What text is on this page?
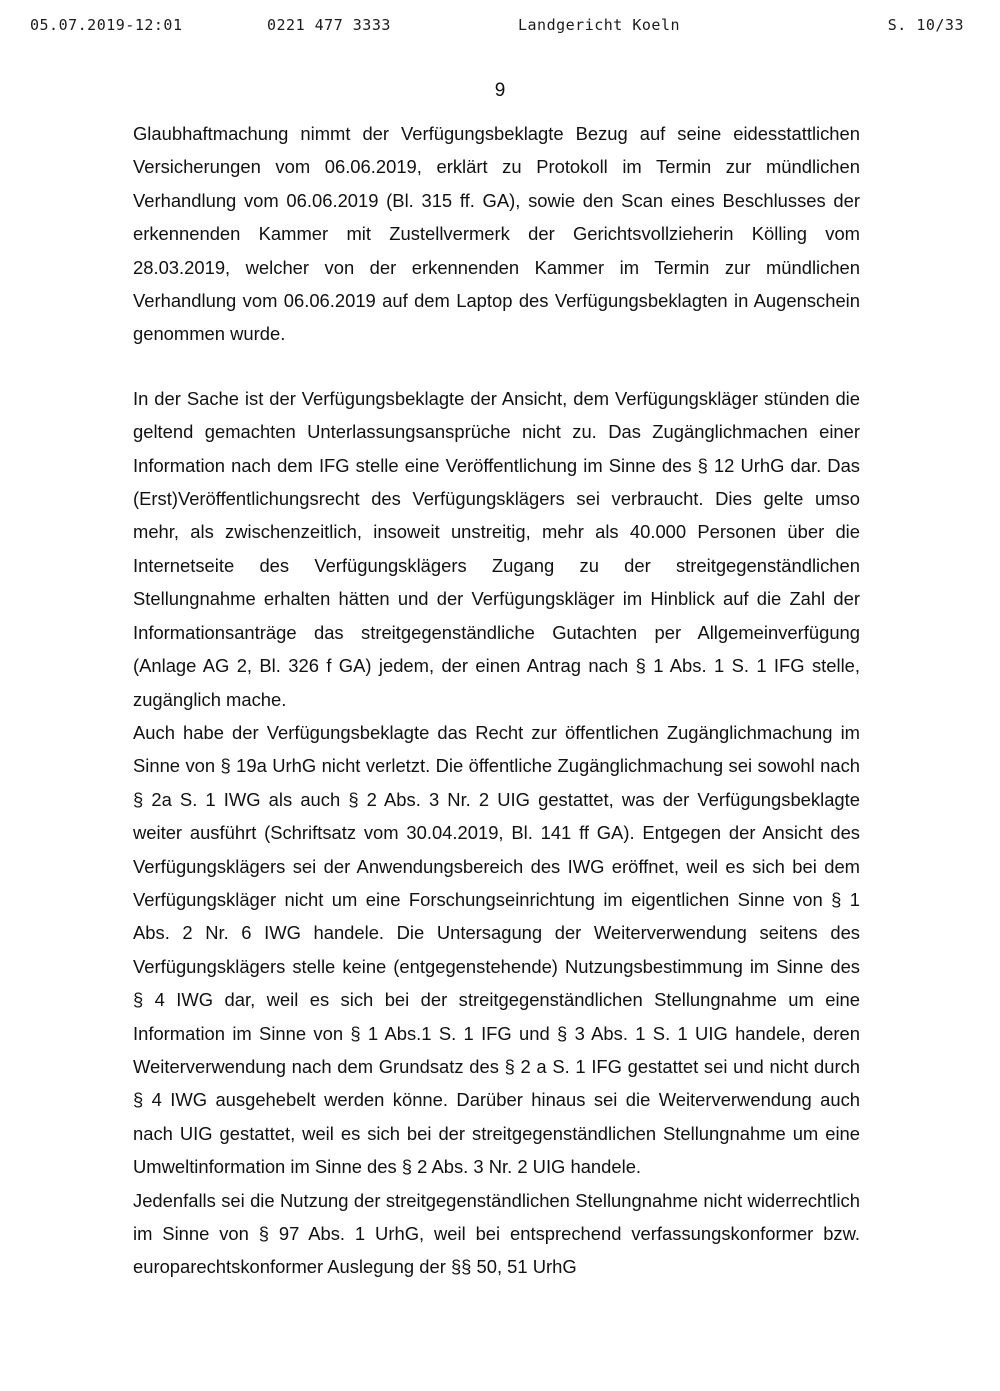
05.07.2019-12:01	0221 477 3333	Landgericht Koeln	S. 10/33
9

Glaubhaftmachung nimmt der Verfügungsbeklagte Bezug auf seine eidesstattlichen Versicherungen vom 06.06.2019, erklärt zu Protokoll im Termin zur mündlichen Verhandlung vom 06.06.2019 (Bl. 315 ff. GA), sowie den Scan eines Beschlusses der erkennenden Kammer mit Zustellvermerk der Gerichtsvollzieherin Kölling vom 28.03.2019, welcher von der erkennenden Kammer im Termin zur mündlichen Verhandlung vom 06.06.2019 auf dem Laptop des Verfügungsbeklagten in Augenschein genommen wurde.

In der Sache ist der Verfügungsbeklagte der Ansicht, dem Verfügungskläger stünden die geltend gemachten Unterlassungsansprüche nicht zu. Das Zugänglichmachen einer Information nach dem IFG stelle eine Veröffentlichung im Sinne des § 12 UrhG dar. Das (Erst)Veröffentlichungsrecht des Verfügungsklägers sei verbraucht. Dies gelte umso mehr, als zwischenzeitlich, insoweit unstreitig, mehr als 40.000 Personen über die Internetseite des Verfügungsklägers Zugang zu der streitgegenständlichen Stellungnahme erhalten hätten und der Verfügungskläger im Hinblick auf die Zahl der Informationsanträge das streitgegenständliche Gutachten per Allgemeinverfügung (Anlage AG 2, Bl. 326 f GA) jedem, der einen Antrag nach § 1 Abs. 1 S. 1 IFG stelle, zugänglich mache.

Auch habe der Verfügungsbeklagte das Recht zur öffentlichen Zugänglichmachung im Sinne von § 19a UrhG nicht verletzt. Die öffentliche Zugänglichmachung sei sowohl nach § 2a S. 1 IWG als auch § 2 Abs. 3 Nr. 2 UIG gestattet, was der Verfügungsbeklagte weiter ausführt (Schriftsatz vom 30.04.2019, Bl. 141 ff GA). Entgegen der Ansicht des Verfügungsklägers sei der Anwendungsbereich des IWG eröffnet, weil es sich bei dem Verfügungskläger nicht um eine Forschungseinrichtung im eigentlichen Sinne von § 1 Abs. 2 Nr. 6 IWG handele. Die Untersagung der Weiterverwendung seitens des Verfügungsklägers stelle keine (entgegenstehende) Nutzungsbestimmung im Sinne des § 4 IWG dar, weil es sich bei der streitgegenständlichen Stellungnahme um eine Information im Sinne von § 1 Abs.1 S. 1 IFG und § 3 Abs. 1 S. 1 UIG handele, deren Weiterverwendung nach dem Grundsatz des § 2 a S. 1 IFG gestattet sei und nicht durch § 4 IWG ausgehebelt werden könne. Darüber hinaus sei die Weiterverwendung auch nach UIG gestattet, weil es sich bei der streitgegenständlichen Stellungnahme um eine Umweltinformation im Sinne des § 2 Abs. 3 Nr. 2 UIG handele.

Jedenfalls sei die Nutzung der streitgegenständlichen Stellungnahme nicht widerrechtlich im Sinne von § 97 Abs. 1 UrhG, weil bei entsprechend verfassungskonformer bzw. europarechtskonformer Auslegung der §§ 50, 51 UrhG
